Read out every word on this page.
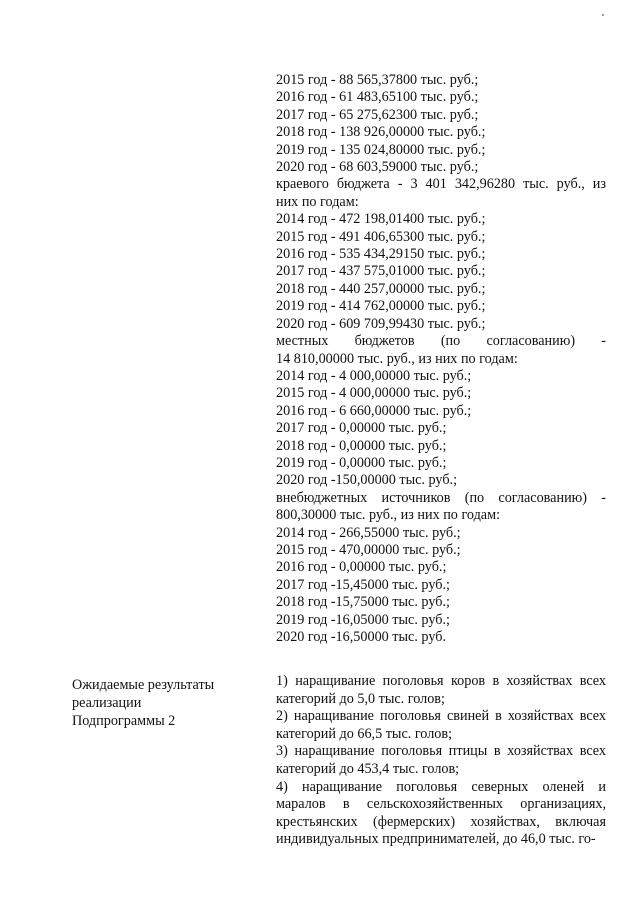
2015 год - 88 565,37800 тыс. руб.;
2016 год - 61 483,65100 тыс. руб.;
2017 год - 65 275,62300 тыс. руб.;
2018 год - 138 926,00000 тыс. руб.;
2019 год - 135 024,80000 тыс. руб.;
2020 год - 68 603,59000 тыс. руб.;
краевого бюджета - 3 401 342,96280 тыс. руб., из
них по годам:
2014 год - 472 198,01400 тыс. руб.;
2015 год - 491 406,65300 тыс. руб.;
2016 год - 535 434,29150 тыс. руб.;
2017 год - 437 575,01000 тыс. руб.;
2018 год - 440 257,00000 тыс. руб.;
2019 год - 414 762,00000 тыс. руб.;
2020 год - 609 709,99430 тыс. руб.;
местных бюджетов (по согласованию) -
14 810,00000 тыс. руб., из них по годам:
2014 год - 4 000,00000 тыс. руб.;
2015 год - 4 000,00000 тыс. руб.;
2016 год - 6 660,00000 тыс. руб.;
2017 год - 0,00000 тыс. руб.;
2018 год - 0,00000 тыс. руб.;
2019 год - 0,00000 тыс. руб.;
2020 год -150,00000 тыс. руб.;
внебюджетных источников (по согласованию) -
800,30000 тыс. руб., из них по годам:
2014 год - 266,55000 тыс. руб.;
2015 год - 470,00000 тыс. руб.;
2016 год - 0,00000 тыс. руб.;
2017 год -15,45000 тыс. руб.;
2018 год -15,75000 тыс. руб.;
2019 год -16,05000 тыс. руб.;
2020 год -16,50000 тыс. руб.
Ожидаемые результаты
реализации
Подпрограммы 2
1) наращивание поголовья коров в хозяйствах всех категорий до 5,0 тыс. голов;
2) наращивание поголовья свиней в хозяйствах всех категорий до 66,5 тыс. голов;
3) наращивание поголовья птицы в хозяйствах всех категорий до 453,4 тыс. голов;
4) наращивание поголовья северных оленей и маралов в сельскохозяйственных организациях, крестьянских (фермерских) хозяйствах, включая индивидуальных предпринимателей, до 46,0 тыс. го-
